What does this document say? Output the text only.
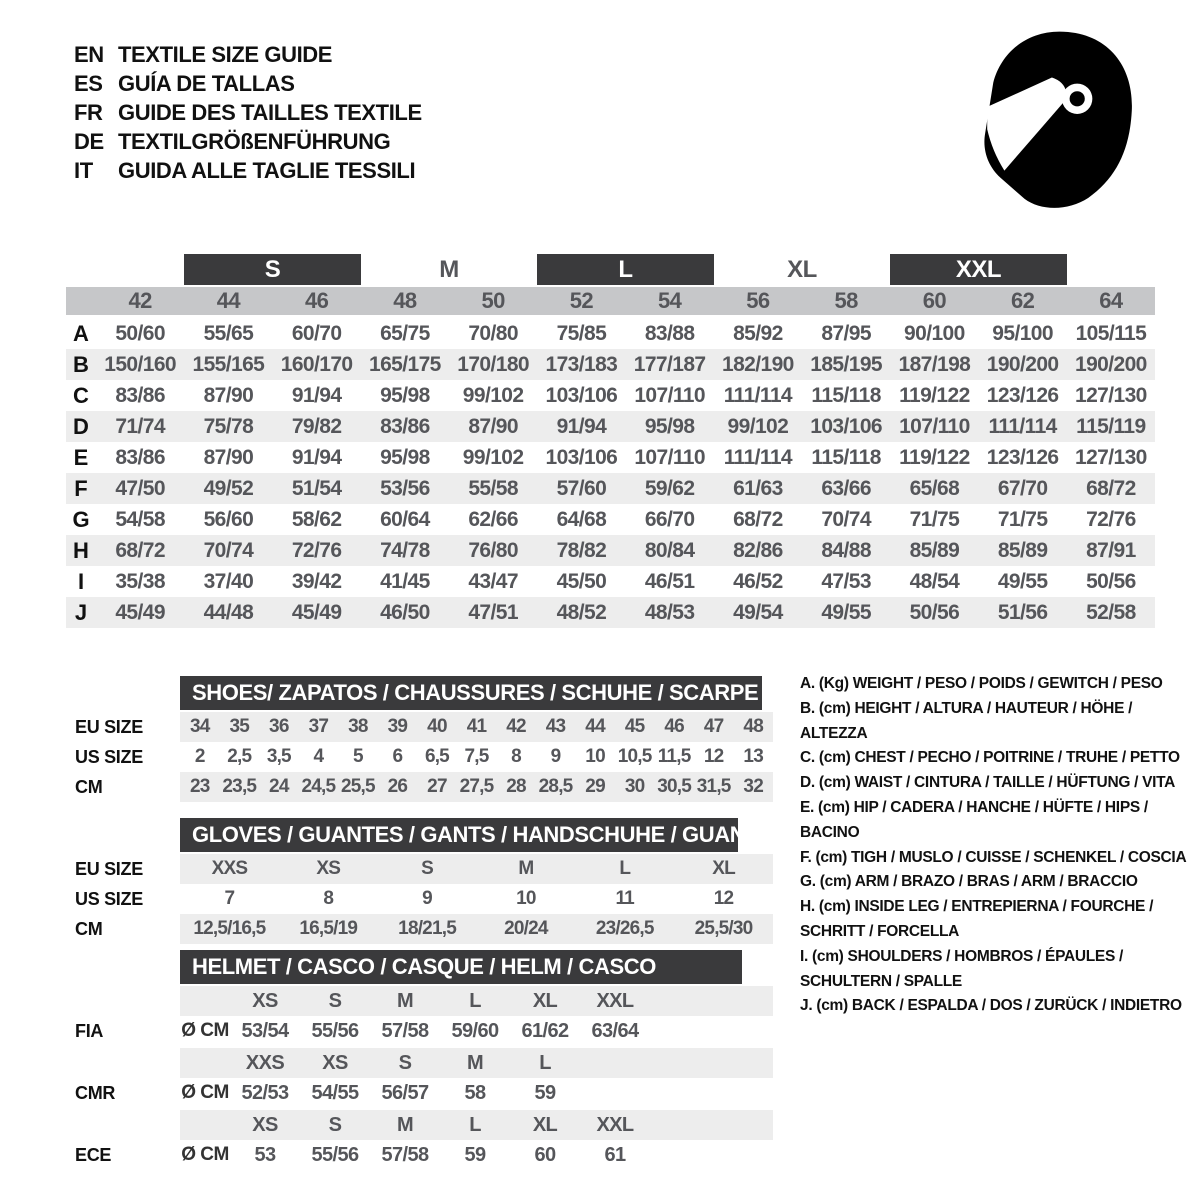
EN TEXTILE SIZE GUIDE
ES GUÍA DE TALLAS
FR GUIDE DES TAILLES TEXTILE
DE TEXTILGRÖßENFÜHRUNG
IT	GUIDA ALLE TAGLIE TESSILI
S	M	L	XL	XXL
42	44	46	48	50	52	54	56	58	60	62	64
A	50/60	55/65	60/70	65/75	70/80	75/85	83/88	85/92	87/95	90/100	95/100	105/115
B 150/160 155/165 160/170 165/175 170/180 173/183 177/187 182/190 185/195 187/198 190/200 190/200
C	83/86	87/90	91/94	95/98	99/102	103/106 107/110 111/114 115/118 119/122 123/126 127/130
D	71/74	75/78	79/82	83/86	87/90	91/94	95/98	99/102	103/106 107/110 111/114 115/119
E	83/86	87/90	91/94	95/98	99/102	103/106 107/110 111/114 115/118 119/122 123/126 127/130
F	47/50	49/52	51/54	53/56	55/58	57/60	59/62	61/63	63/66	65/68	67/70	68/72
G	54/58	56/60	58/62	60/64	62/66	64/68	66/70	68/72	70/74	71/75	71/75	72/76
H	68/72	70/74	72/76	74/78	76/80	78/82	80/84	82/86	84/88	85/89	85/89	87/91
I	35/38	37/40	39/42	41/45	43/47	45/50	46/51	46/52	47/53	48/54	49/55	50/56
J	45/49	44/48	45/49	46/50	47/51	48/52	48/53	49/54	49/55	50/56	51/56	52/58
SHOES/ ZAPATOS / CHAUSSURES / SCHUHE / SCARPE
EU SIZE	34	35	36	37	38	39	40	41	42	43	44	45	46	47	48
US SIZE	2	2,5 3,5	4	5	6	6,5 7,5	8	9	10 10,5 11,5 12	13
CM	23 23,5 24 24,5 25,5 26	27 27,5 28 28,5 29	30 30,5 31,5 32
GLOVES / GUANTES / GANTS / HANDSCHUHE / GUANTI
EU SIZE	XXS	XS	S	M	L	XL
US SIZE	7	8	9	10	11	12
CM	12,5/16,5	16,5/19	18/21,5	20/24	23/26,5	25,5/30
HELMET / CASCO / CASQUE / HELM / CASCO
XS	S	M	L	XL	XXL
FIA	Ø CM 53/54	55/56	57/58	59/60	61/62	63/64
XXS	XS	S	M	L
CMR	Ø CM 52/53	54/55	56/57	58	59
XS	S	M	L	XL	XXL
ECE	Ø CM	53	55/56	57/58	59	60	61
A. (Kg) WEIGHT / PESO / POIDS / GEWITCH / PESO
B. (cm) HEIGHT / ALTURA / HAUTEUR / HÖHE / ALTEZZA
C. (cm) CHEST / PECHO / POITRINE / TRUHE / PETTO
D. (cm) WAIST / CINTURA / TAILLE / HÜFTUNG / VITA
E. (cm) HIP / CADERA / HANCHE / HÜFTE / HIPS / BACINO
F. (cm) TIGH / MUSLO / CUISSE / SCHENKEL / COSCIA
G. (cm) ARM / BRAZO / BRAS / ARM / BRACCIO
H. (cm) INSIDE LEG / ENTREPIERNA / FOURCHE / SCHRITT / FORCELLA
I. (cm) SHOULDERS / HOMBROS / ÉPAULES / SCHULTERN / SPALLE
J. (cm) BACK / ESPALDA / DOS / ZURÜCK / INDIETRO
